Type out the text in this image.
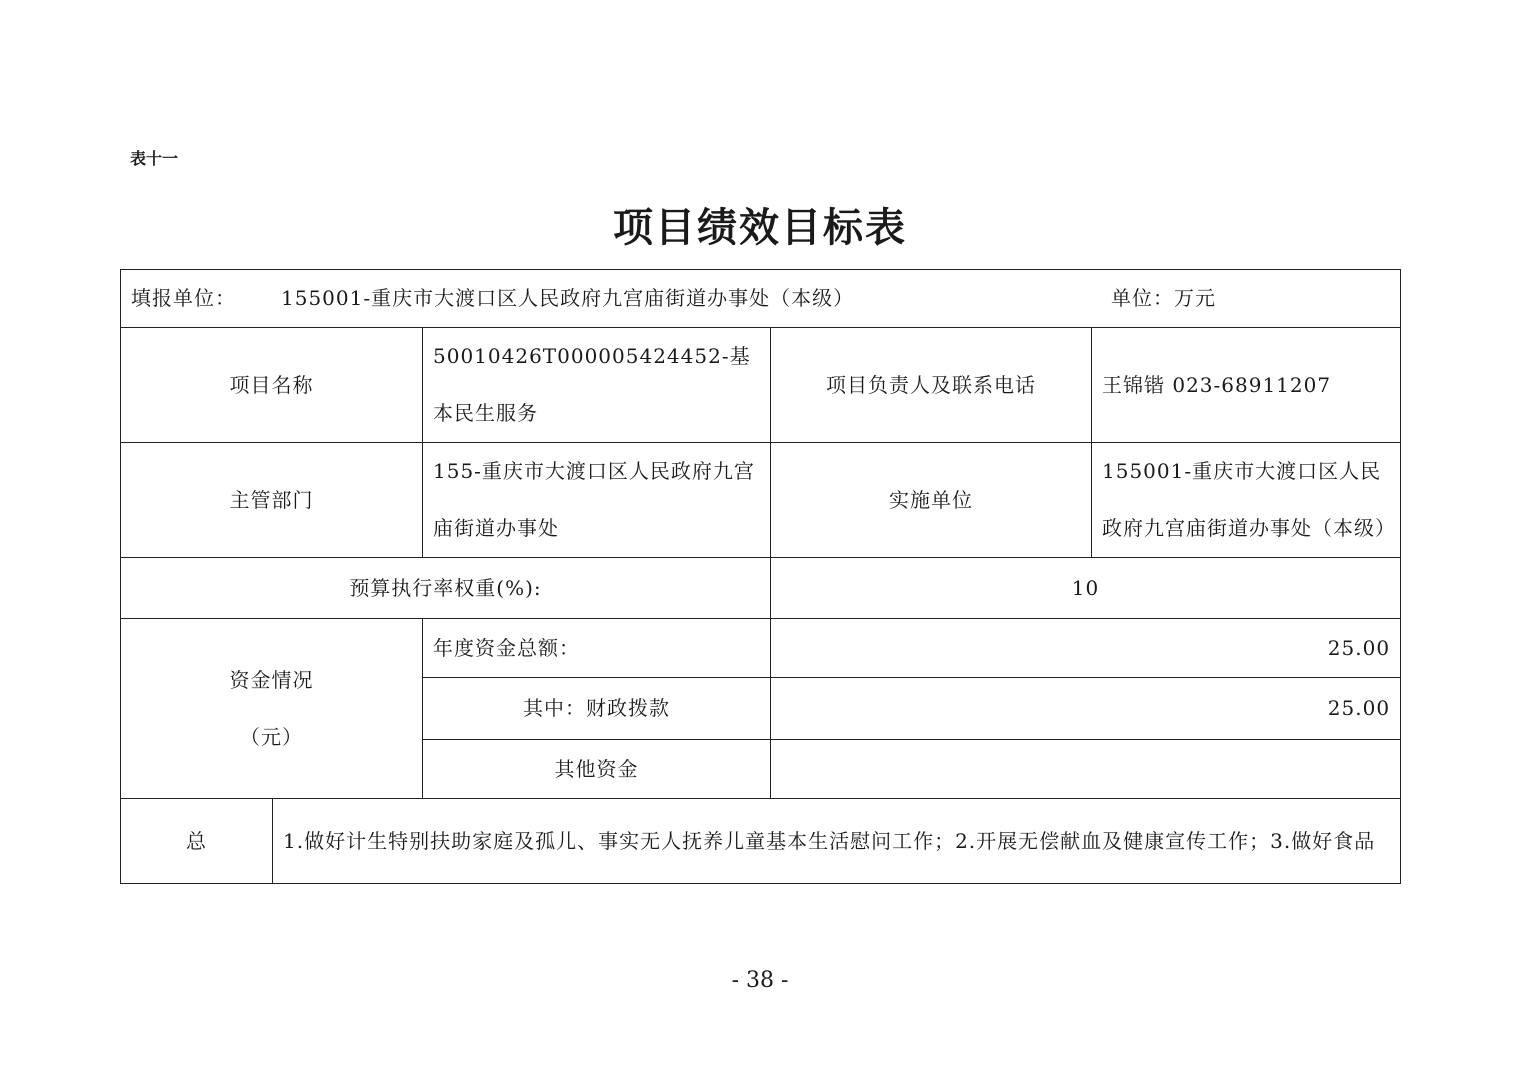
表十一
项目绩效目标表
填报单位： 155001-重庆市大渡口区人民政府九宫庙街道办事处（本级） 单位：万元				

项目名称		50010426T000005424452-基本民生服务	项目负责人及联系电话	王锦锴 023-68911207
主管部门		155-重庆市大渡口区人民政府九宫庙街道办事处	实施单位	155001-重庆市大渡口区人民政府九宫庙街道办事处（本级）
预算执行率权重(%):			10	

资金情况
（元）		年度资金总额：	25.00	
		其中：财政拨款	25.00	
		其他资金		
总	1.做好计生特别扶助家庭及孤儿、事实无人抚养儿童基本生活慰问工作；2.开展无偿献血及健康宣传工作；3.做好食品			
- 38 -
